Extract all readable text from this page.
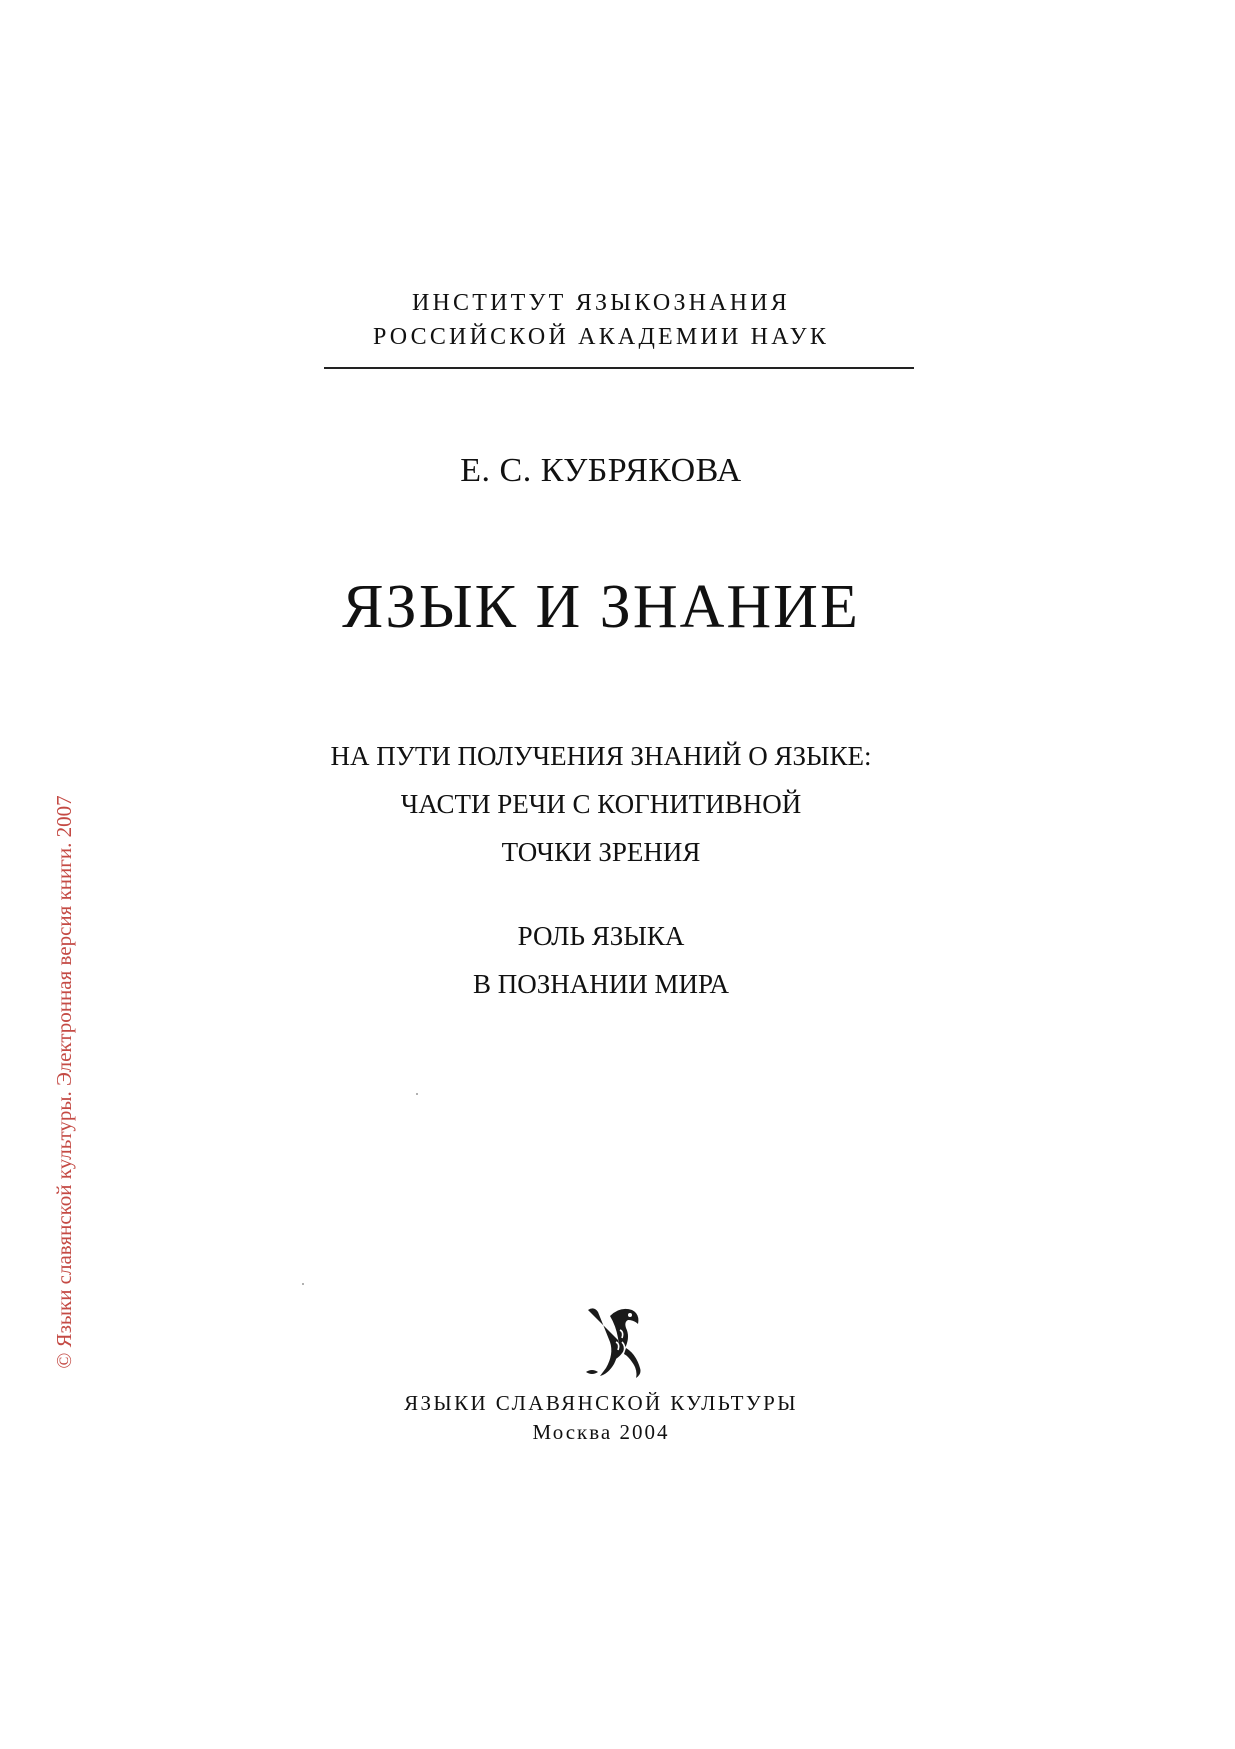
ИНСТИТУТ ЯЗЫКОЗНАНИЯ
РОССИЙСКОЙ АКАДЕМИИ НАУК
Е. С. КУБРЯКОВА
ЯЗЫК И ЗНАНИЕ
НА ПУТИ ПОЛУЧЕНИЯ ЗНАНИЙ О ЯЗЫКЕ:
ЧАСТИ РЕЧИ С КОГНИТИВНОЙ
ТОЧКИ ЗРЕНИЯ
РОЛЬ ЯЗЫКА
В ПОЗНАНИИ МИРА
ЯЗЫКИ СЛАВЯНСКОЙ КУЛЬТУРЫ
Москва 2004
© Языки славянской культуры. Электронная версия книги. 2007
